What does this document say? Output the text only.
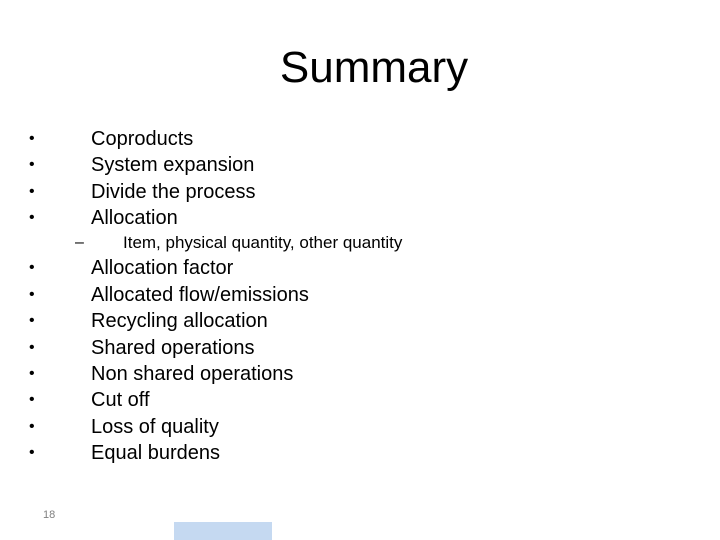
Summary
•	Coproducts
•	System expansion
•	Divide the process
•	Allocation
– Item, physical quantity, other quantity
•	Allocation factor
•	Allocated flow/emissions
•	Recycling allocation
•	Shared operations
•	Non shared operations
•	Cut off
•	Loss of quality
•	Equal burdens
18
